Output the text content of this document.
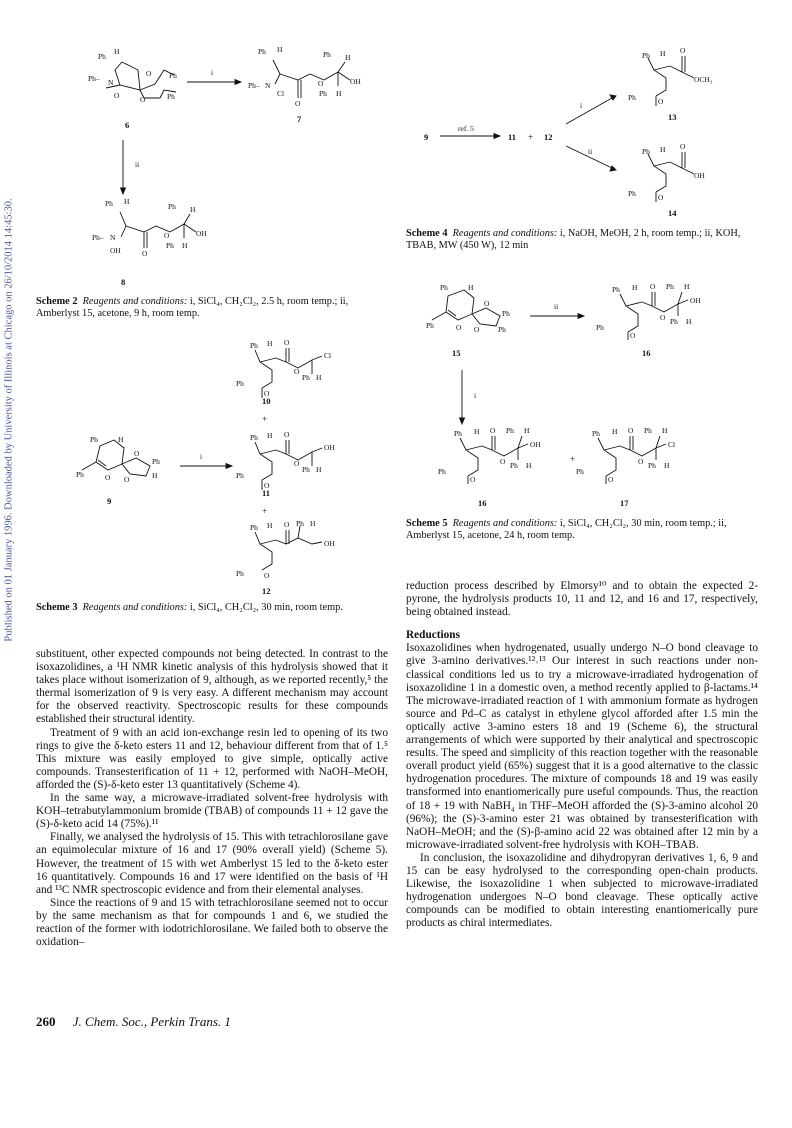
Published on 01 January 1996. Downloaded by University of Illinois at Chicago on 26/10/2014 14:45:30.
Ph
H
Ph– N
O
O Ph
O	Ph
6
i
Ph H
Ph– N
Cl
O
O
Ph H
OH
Ph H
7
ii
Ph H
Ph– N
OH	O
O
Ph H
OH
Ph H
8
Scheme 2 Reagents and conditions: i, SiCl₄, CH₂Cl₂, 2.5 h, room temp.; ii, Amberlyst 15, acetone, 9 h, room temp.
Ph	H
Ph	O
O
Ph
O	H
9
i
Ph H O
O
Cl
Ph H
Ph
O
10
+
Ph H O
O
OH
Ph H
Ph
O
11
+
Ph H O Ph H
OH
Ph	O
12
Scheme 3 Reagents and conditions: i, SiCl₄, CH₂Cl₂, 30 min, room temp.
9
ref. 5
11 + 12
i
ii
Ph H O
OCH₃
Ph	O
13
Ph H O
OH
Ph	O
14
Scheme 4 Reagents and conditions: i, NaOH, MeOH, 2 h, room temp.; ii, KOH, TBAB, MW (450 W), 12 min
Ph	H
Ph	O
O
Ph
O Ph
15
ii
Ph H O Ph H
OH
O Ph H
Ph
O
16
i
Ph H O Ph H
OH
O Ph H
Ph
O
16
+
Ph H O Ph H
Cl
O Ph H
Ph
O
17
Scheme 5 Reagents and conditions: i, SiCl₄, CH₂Cl₂, 30 min, room temp.; ii, Amberlyst 15, acetone, 24 h, room temp.

substituent, other expected compounds not being detected. In contrast to the isoxazolidines, a ¹H NMR kinetic analysis of this hydrolysis showed that it takes place without isomerization of 9, although, as we reported recently,⁵ the thermal isomerization of 9 is very easy. A different mechanism may account for the observed reactivity. Spectroscopic results for these compounds established their structural identity.

Treatment of 9 with an acid ion-exchange resin led to opening of its two rings to give the δ-keto esters 11 and 12, behaviour different from that of 1.⁵ This mixture was easily employed to give simple, optically active compounds. Transesterification of 11 + 12, performed with NaOH–MeOH, afforded the (S)-δ-keto ester 13 quantitatively (Scheme 4).

In the same way, a microwave-irradiated solvent-free hydrolysis with KOH–tetrabutylammonium bromide (TBAB) of compounds 11 + 12 gave the (S)-δ-keto acid 14 (75%).¹¹

Finally, we analysed the hydrolysis of 15. This with tetrachlorosilane gave an equimolecular mixture of 16 and 17 (90% overall yield) (Scheme 5). However, the treatment of 15 with wet Amberlyst 15 led to the δ-keto ester 16 quantitatively. Compounds 16 and 17 were identified on the basis of ¹H and ¹³C NMR spectroscopic evidence and from their elemental analyses.

Since the reactions of 9 and 15 with tetrachlorosilane seemed not to occur by the same mechanism as that for compounds 1 and 6, we studied the reaction of the former with iodotrichlorosilane. We failed both to observe the oxidation–

reduction process described by Elmorsy¹⁰ and to obtain the expected 2-pyrone, the hydrolysis products 10, 11 and 12, and 16 and 17, respectively, being obtained instead.

Reductions

Isoxazolidines when hydrogenated, usually undergo N–O bond cleavage to give 3-amino derivatives.¹²˒¹³ Our interest in such reactions under non-classical conditions led us to try a microwave-irradiated hydrogenation of isoxazolidine 1 in a domestic oven, a method recently applied to β-lactams.¹⁴ The microwave-irradiated reaction of 1 with ammonium formate as hydrogen source and Pd–C as catalyst in ethylene glycol afforded after 1.5 min the optically active 3-amino esters 18 and 19 (Scheme 6), the structural arrangements of which were supported by their analytical and spectroscopic results. The speed and simplicity of this reaction together with the reasonable overall product yield (65%) suggest that it is a good alternative to the classic hydrogenation procedures. The mixture of compounds 18 and 19 was easily transformed into enantiomerically pure useful compounds. Thus, the reaction of 18 + 19 with NaBH₄ in THF–MeOH afforded the (S)-3-amino alcohol 20 (96%); the (S)-3-amino ester 21 was obtained by transesterification with NaOH–MeOH; and the (S)-β-amino acid 22 was obtained after 12 min by a microwave-irradiated solvent-free hydrolysis with KOH–TBAB.

In conclusion, the isoxazolidine and dihydropyran derivatives 1, 6, 9 and 15 can be easy hydrolysed to the corresponding open-chain products. Likewise, the isoxazolidine 1 when subjected to microwave-irradiated hydrogenation undergoes N–O bond cleavage. These optically active compounds can be modified to obtain interesting enantiomerically pure products as chiral intermediates.

260 J. Chem. Soc., Perkin Trans. 1
